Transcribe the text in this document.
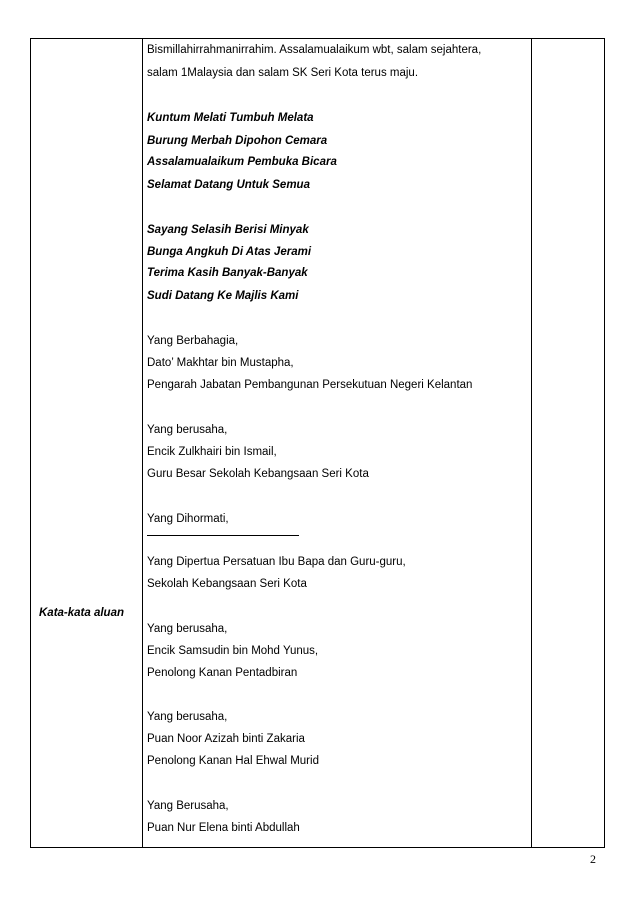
Kata-kata aluan
Bismillahirrahmanirrahim. Assalamualaikum wbt, salam sejahtera,
salam 1Malaysia dan salam SK Seri Kota terus maju.
Kuntum Melati Tumbuh Melata
Burung Merbah Dipohon Cemara
Assalamualaikum Pembuka Bicara
Selamat Datang Untuk Semua
Sayang Selasih Berisi Minyak
Bunga Angkuh Di Atas Jerami
Terima Kasih Banyak-Banyak
Sudi Datang Ke Majlis Kami
Yang Berbahagia,
Dato’ Makhtar bin Mustapha,
Pengarah Jabatan Pembangunan Persekutuan Negeri Kelantan
Yang berusaha,
Encik Zulkhairi bin Ismail,
Guru Besar Sekolah Kebangsaan Seri Kota
Yang Dihormati,
Yang Dipertua Persatuan Ibu Bapa dan Guru-guru,
Sekolah Kebangsaan Seri Kota
Yang berusaha,
Encik Samsudin bin Mohd Yunus,
Penolong Kanan Pentadbiran
Yang berusaha,
Puan Noor Azizah binti Zakaria
Penolong Kanan Hal Ehwal Murid
Yang Berusaha,
Puan Nur Elena binti Abdullah
2
